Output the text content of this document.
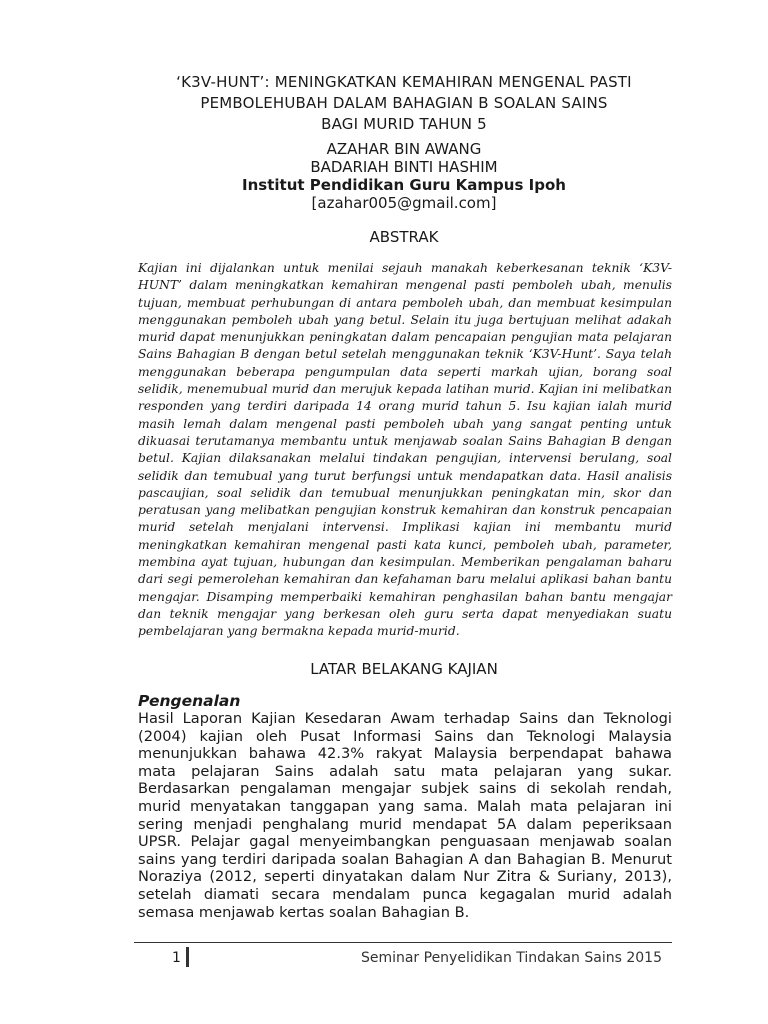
‘K3V-HUNT’: MENINGKATKAN KEMAHIRAN MENGENAL PASTI
PEMBOLEHUBAH DALAM BAHAGIAN B SOALAN SAINS
BAGI MURID TAHUN 5
AZAHAR BIN AWANG
BADARIAH BINTI HASHIM
Institut Pendidikan Guru Kampus Ipoh
[azahar005@gmail.com]
ABSTRAK

Kajian ini dijalankan untuk menilai sejauh manakah keberkesanan teknik ‘K3V-HUNT’ dalam meningkatkan kemahiran mengenal pasti pemboleh ubah, menulis tujuan, membuat perhubungan di antara pemboleh ubah, dan membuat kesimpulan menggunakan pemboleh ubah yang betul. Selain itu juga bertujuan melihat adakah murid dapat menunjukkan peningkatan dalam pencapaian pengujian mata pelajaran Sains Bahagian B dengan betul setelah menggunakan teknik ‘K3V-Hunt’. Saya telah menggunakan beberapa pengumpulan data seperti markah ujian, borang soal selidik, menemubual murid dan merujuk kepada latihan murid. Kajian ini melibatkan responden yang terdiri daripada 14 orang murid tahun 5. Isu kajian ialah murid masih lemah dalam mengenal pasti pemboleh ubah yang sangat penting untuk dikuasai terutamanya membantu untuk menjawab soalan Sains Bahagian B dengan betul. Kajian dilaksanakan melalui tindakan pengujian, intervensi berulang, soal selidik dan temubual yang turut berfungsi untuk mendapatkan data. Hasil analisis pascaujian, soal selidik dan temubual menunjukkan peningkatan min, skor dan peratusan yang melibatkan pengujian konstruk kemahiran dan konstruk pencapaian murid setelah menjalani intervensi. Implikasi kajian ini membantu murid meningkatkan kemahiran mengenal pasti kata kunci, pemboleh ubah, parameter, membina ayat tujuan, hubungan dan kesimpulan. Memberikan pengalaman baharu dari segi pemerolehan kemahiran dan kefahaman baru melalui aplikasi bahan bantu mengajar. Disamping memperbaiki kemahiran penghasilan bahan bantu mengajar dan teknik mengajar yang berkesan oleh guru serta dapat menyediakan suatu pembelajaran yang bermakna kepada murid-murid.

LATAR BELAKANG KAJIAN
Pengenalan

Hasil Laporan Kajian Kesedaran Awam terhadap Sains dan Teknologi (2004) kajian oleh Pusat Informasi Sains dan Teknologi Malaysia menunjukkan bahawa 42.3% rakyat Malaysia berpendapat bahawa mata pelajaran Sains adalah satu mata pelajaran yang sukar. Berdasarkan pengalaman mengajar subjek sains di sekolah rendah, murid menyatakan tanggapan yang sama. Malah mata pelajaran ini sering menjadi penghalang murid mendapat 5A dalam peperiksaan UPSR. Pelajar gagal menyeimbangkan penguasaan menjawab soalan sains yang terdiri daripada soalan Bahagian A dan Bahagian B. Menurut Noraziya (2012, seperti dinyatakan dalam Nur Zitra & Suriany, 2013), setelah diamati secara mendalam punca kegagalan murid adalah semasa menjawab kertas soalan Bahagian B.

1	Seminar Penyelidikan Tindakan Sains 2015
